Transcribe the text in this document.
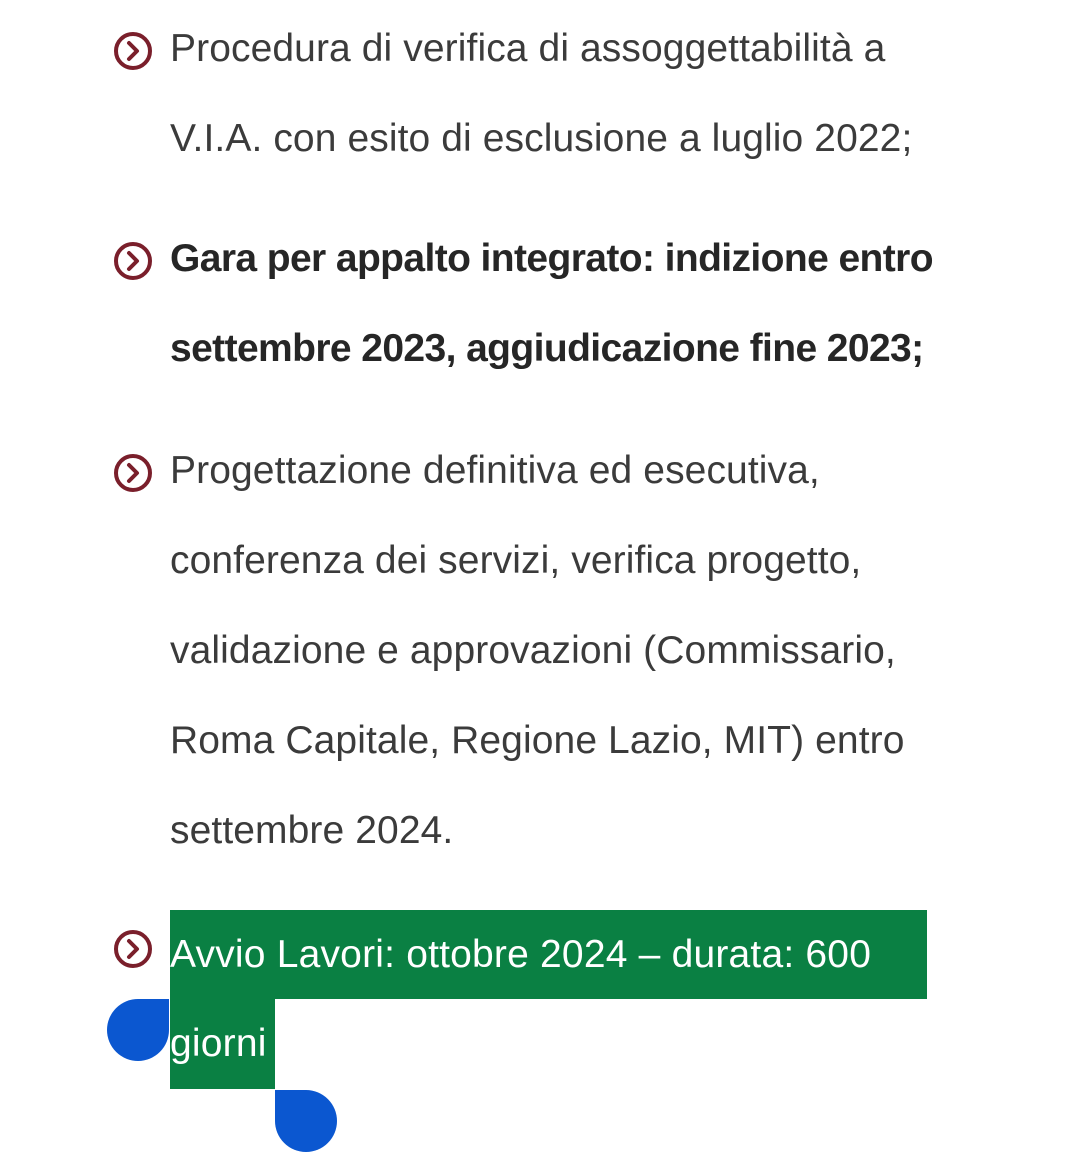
Procedura di verifica di assoggettabilità a
V.I.A. con esito di esclusione a luglio 2022;
Gara per appalto integrato: indizione entro
settembre 2023, aggiudicazione fine 2023;
Progettazione definitiva ed esecutiva,
conferenza dei servizi, verifica progetto,
validazione e approvazioni (Commissario,
Roma Capitale, Regione Lazio, MIT) entro
settembre 2024.
Avvio Lavori: ottobre 2024 – durata: 600
giorni
